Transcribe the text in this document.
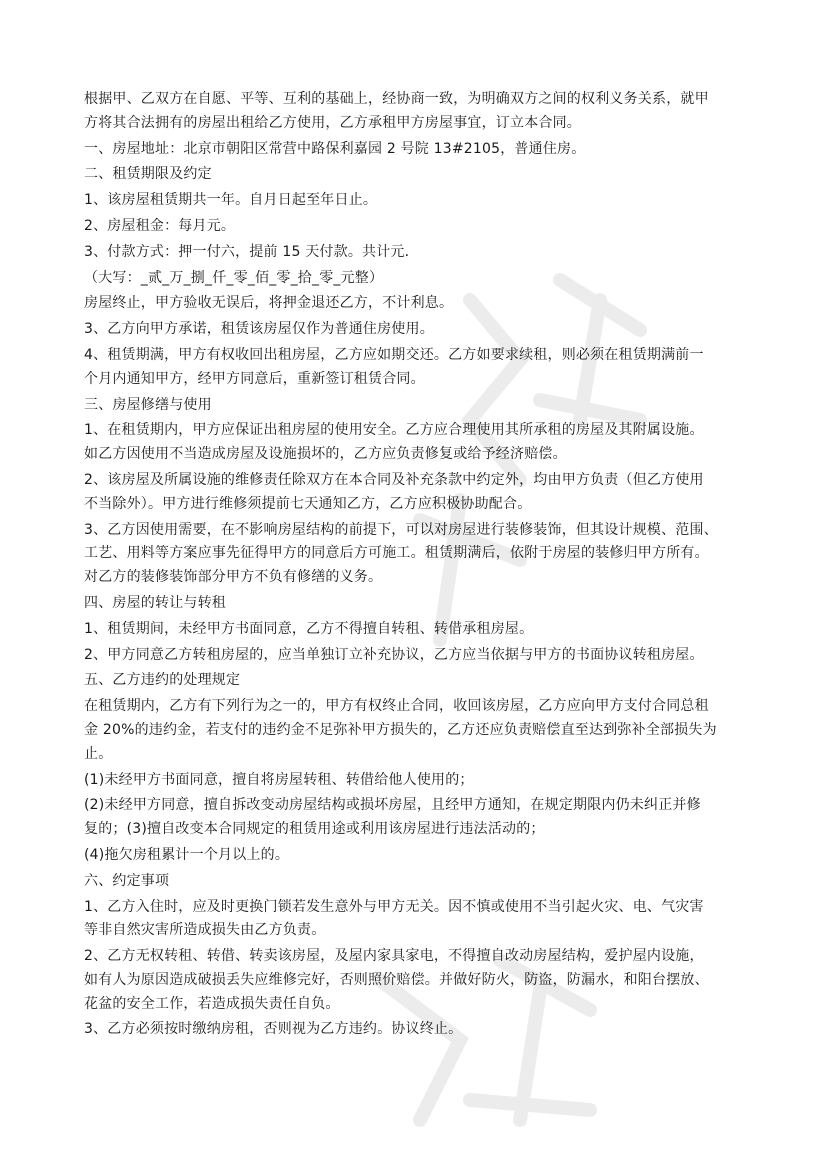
根据甲、乙双方在自愿、平等、互利的基础上，经协商一致，为明确双方之间的权利义务关系，就甲
方将其合法拥有的房屋出租给乙方使用，乙方承租甲方房屋事宜，订立本合同。
一、房屋地址：北京市朝阳区常营中路保利嘉园 2 号院 13#2105，普通住房。
二、租赁期限及约定
1、该房屋租赁期共一年。自月日起至年日止。
2、房屋租金：每月元。
3、付款方式：押一付六，提前 15 天付款。共计元．
（大写：_贰_万_捌_仟_零_佰_零_拾_零_元整）
房屋终止，甲方验收无误后，将押金退还乙方，不计利息。
3、乙方向甲方承诺，租赁该房屋仅作为普通住房使用。
4、租赁期满，甲方有权收回出租房屋，乙方应如期交还。乙方如要求续租，则必须在租赁期满前一
个月内通知甲方，经甲方同意后，重新签订租赁合同。
三、房屋修缮与使用
1、在租赁期内，甲方应保证出租房屋的使用安全。乙方应合理使用其所承租的房屋及其附属设施。
如乙方因使用不当造成房屋及设施损坏的，乙方应负责修复或给予经济赔偿。
2、该房屋及所属设施的维修责任除双方在本合同及补充条款中约定外，均由甲方负责（但乙方使用
不当除外）。甲方进行维修须提前七天通知乙方，乙方应积极协助配合。
3、乙方因使用需要，在不影响房屋结构的前提下，可以对房屋进行装修装饰，但其设计规模、范围、
工艺、用料等方案应事先征得甲方的同意后方可施工。租赁期满后，依附于房屋的装修归甲方所有。
对乙方的装修装饰部分甲方不负有修缮的义务。
四、房屋的转让与转租
1、租赁期间，未经甲方书面同意，乙方不得擅自转租、转借承租房屋。
2、甲方同意乙方转租房屋的，应当单独订立补充协议，乙方应当依据与甲方的书面协议转租房屋。
五、乙方违约的处理规定
在租赁期内，乙方有下列行为之一的，甲方有权终止合同，收回该房屋，乙方应向甲方支付合同总租
金 20%的违约金，若支付的违约金不足弥补甲方损失的，乙方还应负责赔偿直至达到弥补全部损失为
止。
(1)未经甲方书面同意，擅自将房屋转租、转借给他人使用的；
(2)未经甲方同意，擅自拆改变动房屋结构或损坏房屋，且经甲方通知，在规定期限内仍未纠正并修
复的；(3)擅自改变本合同规定的租赁用途或利用该房屋进行违法活动的；
(4)拖欠房租累计一个月以上的。
六、约定事项
1、乙方入住时，应及时更换门锁若发生意外与甲方无关。因不慎或使用不当引起火灾、电、气灾害
等非自然灾害所造成损失由乙方负责。
2、乙方无权转租、转借、转卖该房屋，及屋内家具家电，不得擅自改动房屋结构，爱护屋内设施，
如有人为原因造成破损丢失应维修完好，否则照价赔偿。并做好防火，防盗，防漏水，和阳台摆放、
花盆的安全工作，若造成损失责任自负。
3、乙方必须按时缴纳房租，否则视为乙方违约。协议终止。
